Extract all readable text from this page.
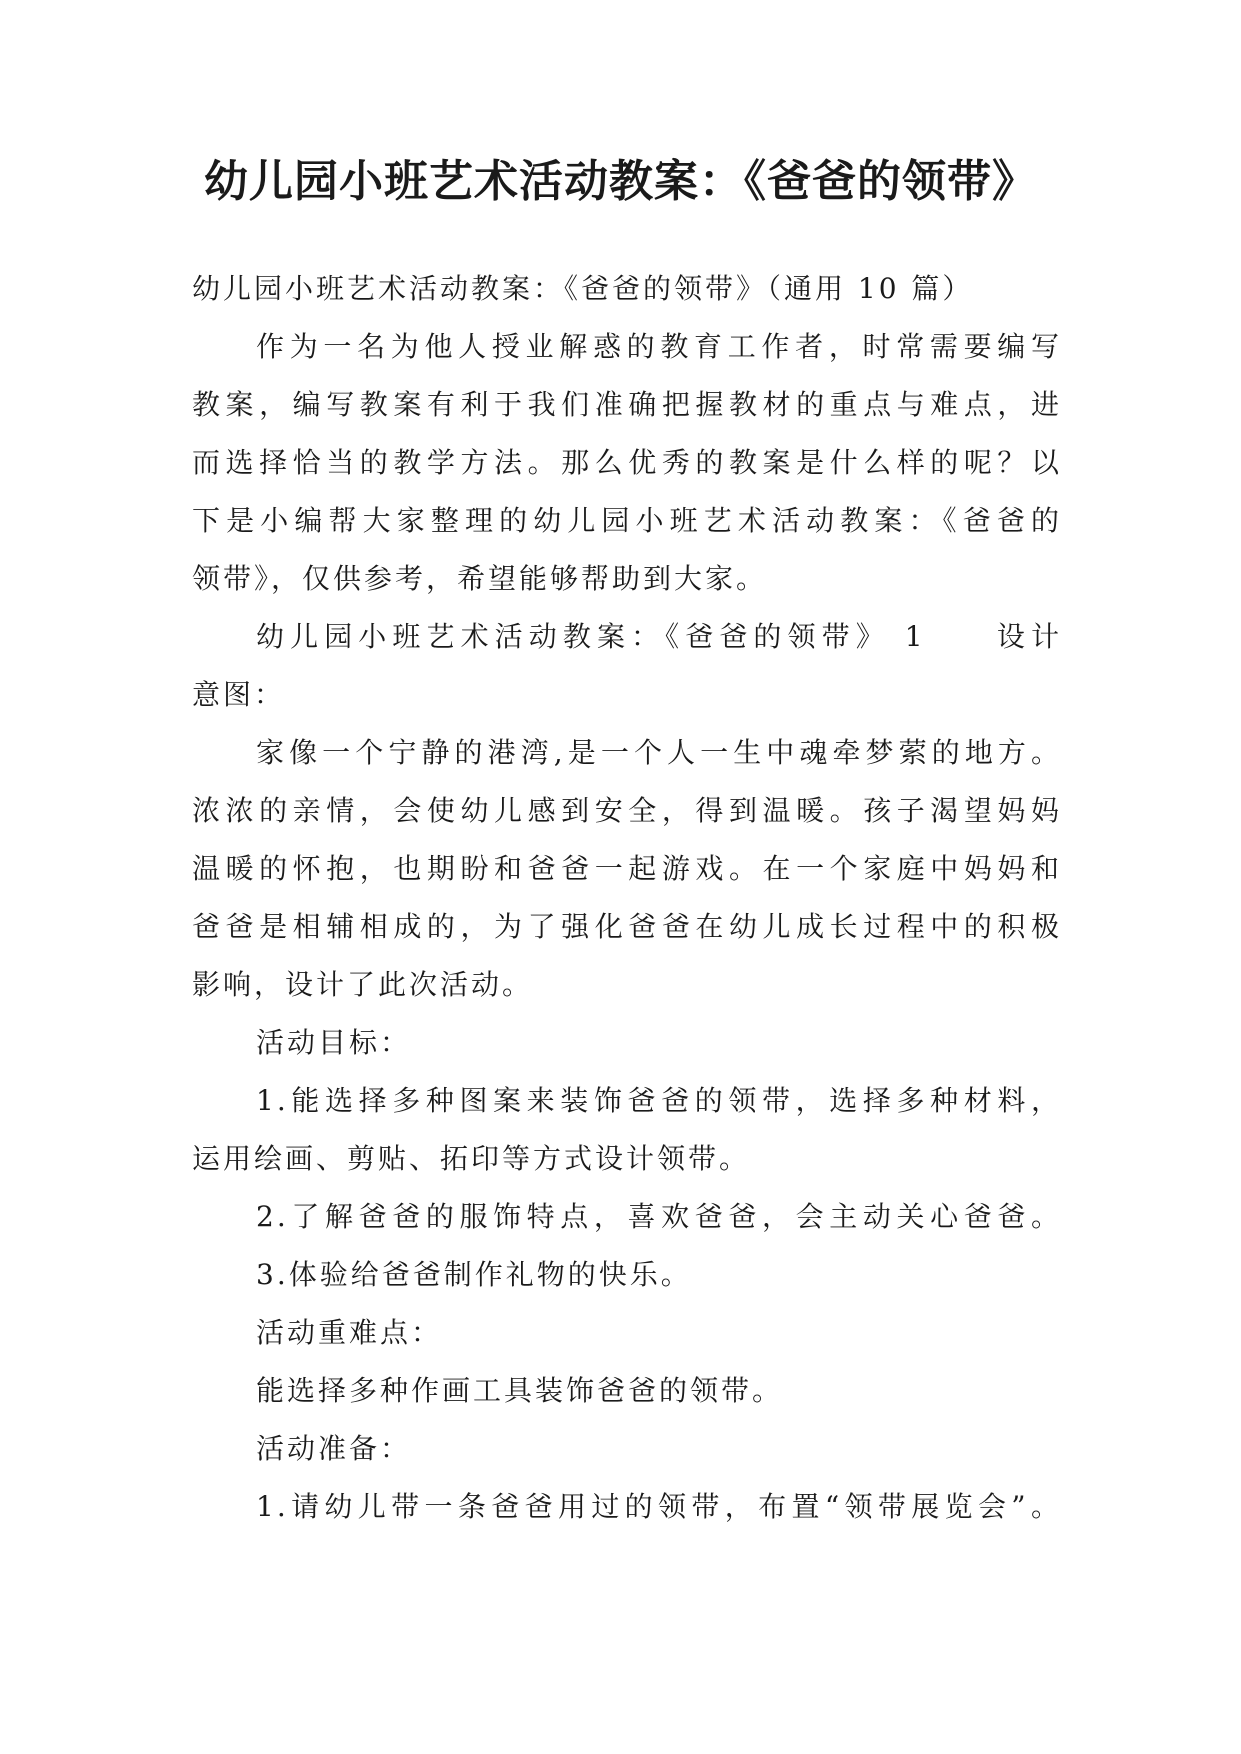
幼儿园小班艺术活动教案：《爸爸的领带》
幼儿园小班艺术活动教案：《爸爸的领带》（通用 10 篇）
作为一名为他人授业解惑的教育工作者，时常需要编写
教案，编写教案有利于我们准确把握教材的重点与难点，进
而选择恰当的教学方法。那么优秀的教案是什么样的呢？以
下是小编帮大家整理的幼儿园小班艺术活动教案：《爸爸的
领带》，仅供参考，希望能够帮助到大家。
幼儿园小班艺术活动教案：《爸爸的领带》 1　　设计
意图：
家像一个宁静的港湾,是一个人一生中魂牵梦萦的地方。
浓浓的亲情，会使幼儿感到安全，得到温暖。孩子渴望妈妈
温暖的怀抱，也期盼和爸爸一起游戏。在一个家庭中妈妈和
爸爸是相辅相成的，为了强化爸爸在幼儿成长过程中的积极
影响，设计了此次活动。
活动目标：
1.能选择多种图案来装饰爸爸的领带，选择多种材料，
运用绘画、剪贴、拓印等方式设计领带。
2.了解爸爸的服饰特点，喜欢爸爸，会主动关心爸爸。
3.体验给爸爸制作礼物的快乐。
活动重难点：
能选择多种作画工具装饰爸爸的领带。
活动准备：
1.请幼儿带一条爸爸用过的领带，布置“领带展览会”。
